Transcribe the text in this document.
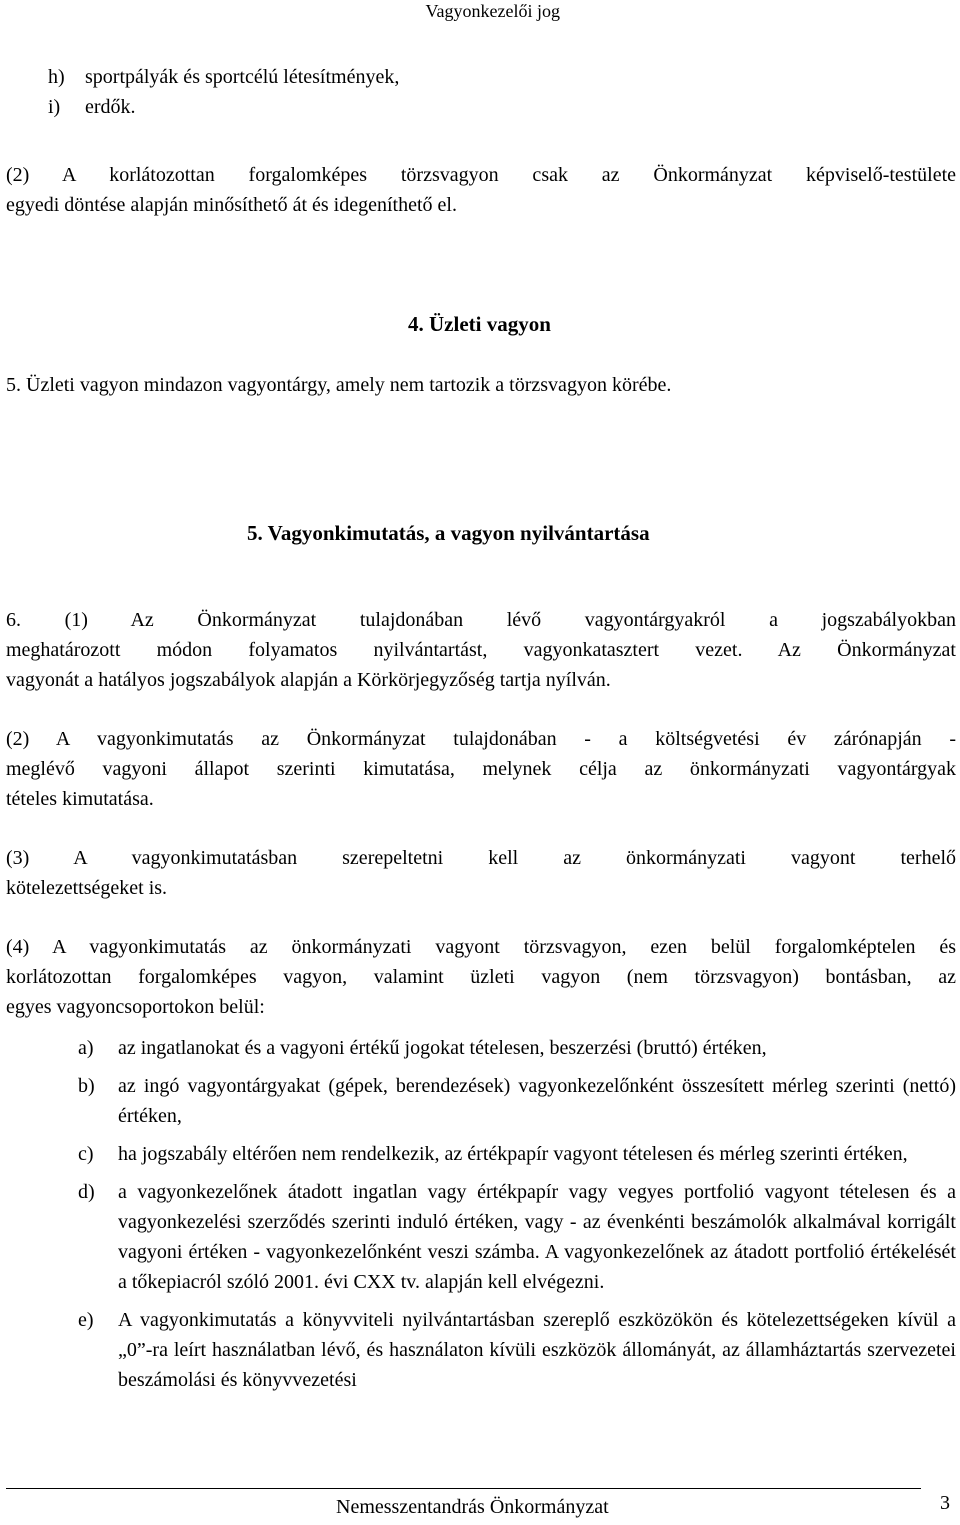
Vagyonkezelői jog
h)	sportpályák és sportcélú létesítmények,
i)	erdők.
(2) A korlátozottan forgalomképes törzsvagyon csak az Önkormányzat képviselő-testülete
egyedi döntése alapján minősíthető át és idegeníthető el.
4. Üzleti vagyon
5. Üzleti vagyon mindazon vagyontárgy, amely nem tartozik a törzsvagyon körébe.
5. Vagyonkimutatás, a vagyon nyilvántartása
6. (1) Az Önkormányzat tulajdonában lévő vagyontárgyakról a jogszabályokban
meghatározott módon folyamatos nyilvántartást, vagyonkatasztert vezet. Az Önkormányzat
vagyonát a hatályos jogszabályok alapján a Körkörjegyzőség tartja nyílván.
(2) A vagyonkimutatás az Önkormányzat tulajdonában - a költségvetési év zárónapján -
meglévő vagyoni állapot szerinti kimutatása, melynek célja az önkormányzati vagyontárgyak
tételes kimutatása.
(3) A vagyonkimutatásban szerepeltetni kell az önkormányzati vagyont terhelő
kötelezettségeket is.
(4) A vagyonkimutatás az önkormányzati vagyont törzsvagyon, ezen belül forgalomképtelen és
korlátozottan forgalomképes vagyon, valamint üzleti vagyon (nem törzsvagyon) bontásban, az
egyes vagyoncsoportokon belül:
a)	az ingatlanokat és a vagyoni értékű jogokat tételesen, beszerzési (bruttó) értéken,
b)	az ingó vagyontárgyakat (gépek, berendezések) vagyonkezelőnként összesített mérleg szerinti (nettó) értéken,
c)	ha jogszabály eltérően nem rendelkezik, az értékpapír vagyont tételesen és mérleg szerinti értéken,
d)	a vagyonkezelőnek átadott ingatlan vagy értékpapír vagy vegyes portfolió vagyont tételesen és a vagyonkezelési szerződés szerinti induló értéken, vagy - az évenkénti beszámolók alkalmával korrigált vagyoni értéken - vagyonkezelőnként veszi számba. A vagyonkezelőnek az átadott portfolió értékelését a tőkepiacról szóló 2001. évi CXX tv. alapján kell elvégezni.
e)	A vagyonkimutatás a könyvviteli nyilvántartásban szereplő eszközökön és kötelezettségeken kívül a „0”-ra leírt használatban lévő, és használaton kívüli eszközök állományát, az államháztartás szervezetei beszámolási és könyvvezetési
Nemesszentandrás Önkormányzat	3
